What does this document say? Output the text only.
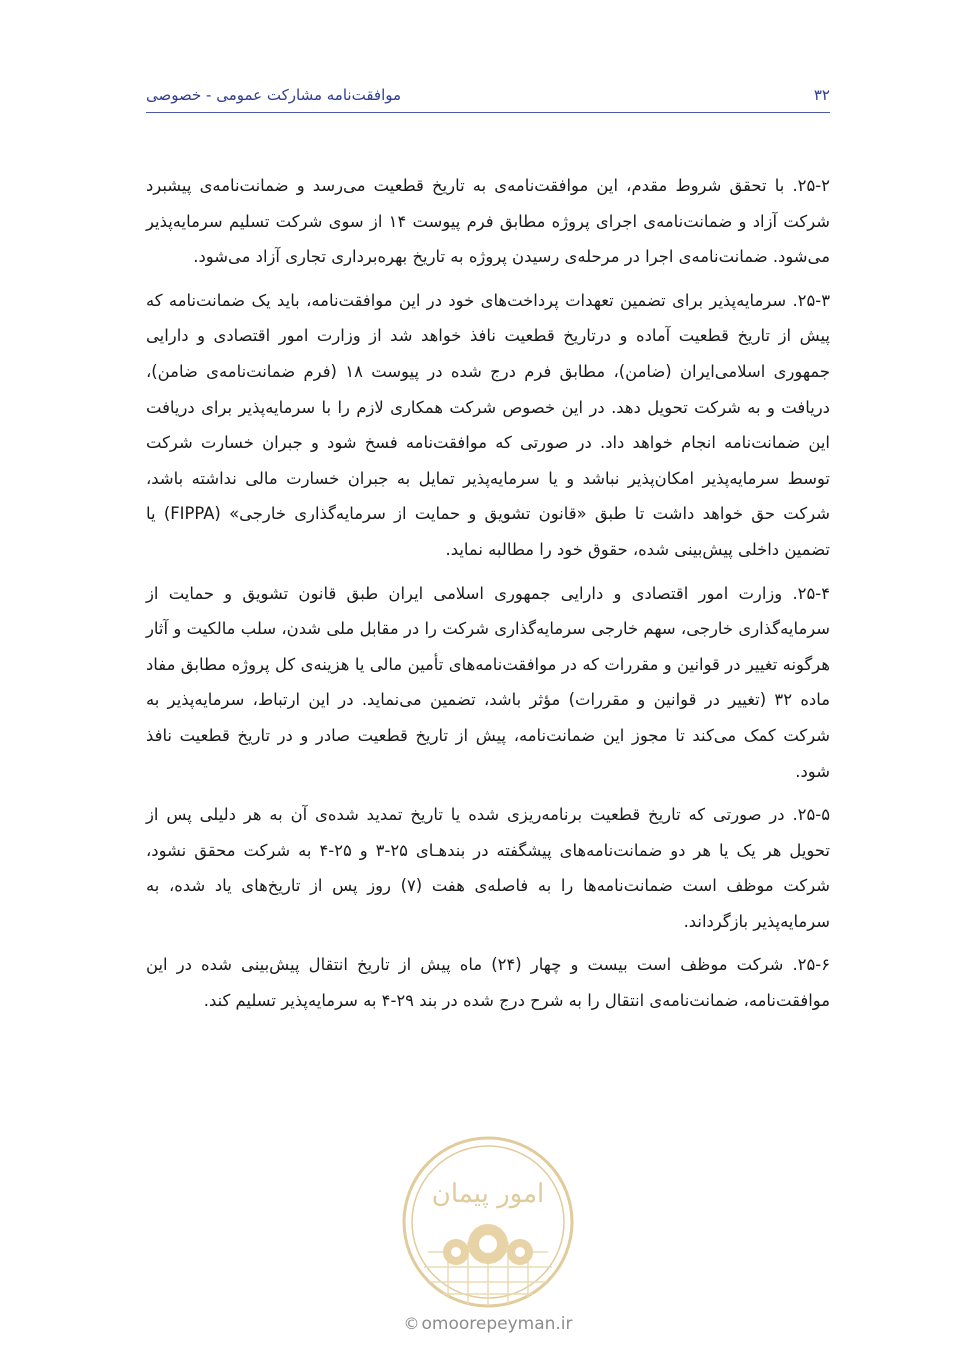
۳۲
موافقت‌نامه مشارکت عمومی - خصوصی

۲۵-۲. با تحقق شروط مقدم، این موافقت‌نامه‌ی به تاریخ قطعیت می‌رسد و ضمانت‌نامه‌ی پیشبرد شرکت آزاد و ضمانت‌نامه‌ی اجرای پروژه مطابق فرم پیوست ۱۴ از سوی شرکت تسلیم سرمایه‌پذیر می‌شود. ضمانت‌نامه‌ی اجرا در مرحله‌ی رسیدن پروژه به تاریخ بهره‌برداری تجاری آزاد می‌شود.

۲۵-۳. سرمایه‌پذیر برای تضمین تعهدات پرداخت‌های خود در این موافقت‌نامه، باید یک ضمانت‌نامه که پیش از تاریخ قطعیت آماده و درتاریخ قطعیت نافذ خواهد شد از وزارت امور اقتصادی و دارایی جمهوری اسلامی‌ایران (ضامن)، مطابق فرم درج شده در پیوست ۱۸ (فرم ضمانت‌نامه‌ی ضامن)، دریافت و به شرکت تحویل دهد. در این خصوص شرکت همکاری لازم را با سرمایه‌پذیر برای دریافت این ضمانت‌نامه انجام خواهد داد. در صورتی که موافقت‌نامه فسخ شود و جبران خسارت شرکت توسط سرمایه‌پذیر امکان‌پذیر نباشد و یا سرمایه‌پذیر تمایل به جبران خسارت مالی نداشته باشد، شرکت حق خواهد داشت تا طبق «قانون تشویق و حمایت از سرمایه‌گذاری خارجی» (FIPPA) یا تضمین داخلی پیش‌بینی شده، حقوق خود را مطالبه نماید.

۲۵-۴. وزارت امور اقتصادی و دارایی جمهوری اسلامی ایران طبق قانون تشویق و حمایت از سرمایه‌گذاری خارجی، سهم خارجی سرمایه‌گذاری شرکت را در مقابل ملی شدن، سلب مالکیت و آثار هرگونه تغییر در قوانین و مقررات که در موافقت‌نامه‌های تأمین مالی یا هزینه‌ی کل پروژه مطابق مفاد ماده ۳۲ (تغییر در قوانین و مقررات) مؤثر باشد، تضمین می‌نماید. در این ارتباط، سرمایه‌پذیر به شرکت کمک می‌کند تا مجوز این ضمانت‌نامه، پیش از تاریخ قطعیت صادر و در تاریخ قطعیت نافذ شود.

۲۵-۵. در صورتی که تاریخ قطعیت برنامه‌ریزی شده یا تاریخ تمدید شده‌ی آن به هر دلیلی پس از تحویل هر یک یا هر دو ضمانت‌نامه‌های پیشگفته در بندهـای ۲۵-۳ و ۲۵-۴ به شرکت محقق نشود، شرکت موظف است ضمانت‌نامه‌ها را به فاصله‌ی هفت (۷) روز پس از تاریخ‌های یاد شده، به سرمایه‌پذیر بازگرداند.

۲۵-۶. شرکت موظف است بیست و چهار (۲۴) ماه پیش از تاریخ انتقال پیش‌بینی شده در این موافقت‌نامه، ضمانت‌نامه‌ی انتقال را به شرح درج شده در بند ۲۹-۴ به سرمایه‌پذیر تسلیم کند.

امور پیمان
© omoorepeyman.ir
